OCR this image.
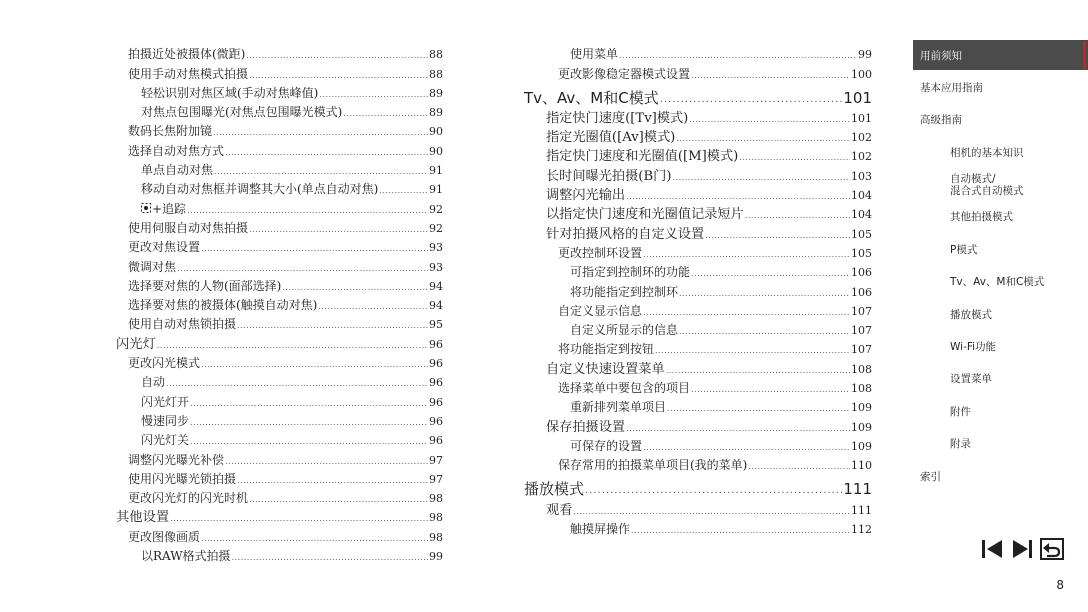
拍摄近处被摄体(微距) .....	88
使用手动对焦模式拍摄 .....	88
轻松识别对焦区域(手动对焦峰值) .....	89
对焦点包围曝光(对焦点包围曝光模式) .....	89
数码长焦附加镜 .....	90
选择自动对焦方式 .....	90
单点自动对焦 .....	91
移动自动对焦框并调整其大小(单点自动对焦) .....	91
+追踪 .....	92
使用伺服自动对焦拍摄 .....	92
更改对焦设置 .....	93
微调对焦 .....	93
选择要对焦的人物(面部选择) .....	94
选择要对焦的被摄体(触摸自动对焦) .....	94
使用自动对焦锁拍摄 .....	95
闪光灯 .....	96
更改闪光模式 .....	96
自动 .....	96
闪光灯开 .....	96
慢速同步 .....	96
闪光灯关 .....	96
调整闪光曝光补偿 .....	97
使用闪光曝光锁拍摄 .....	97
更改闪光灯的闪光时机 .....	98
其他设置 .....	98
更改图像画质 .....	98
以RAW格式拍摄 .....	99
使用菜单 .....	99
更改影像稳定器模式设置 .....	100
Tv、Av、M和C模式 .....	101
指定快门速度([Tv]模式) .....	101
指定光圈值([Av]模式) .....	102
指定快门速度和光圈值([M]模式) .....	102
长时间曝光拍摄(B门) .....	103
调整闪光输出 .....	104
以指定快门速度和光圈值记录短片 .....	104
针对拍摄风格的自定义设置 .....	105
更改控制环设置 .....	105
可指定到控制环的功能 .....	106
将功能指定到控制环 .....	106
自定义显示信息 .....	107
自定义所显示的信息 .....	107
将功能指定到按钮 .....	107
自定义快速设置菜单 .....	108
选择菜单中要包含的项目 .....	108
重新排列菜单项目 .....	109
保存拍摄设置 .....	109
可保存的设置 .....	109
保存常用的拍摄菜单项目(我的菜单) .....	110
播放模式 .....	111
观看 .....	111
触摸屏操作 .....	112
用前须知
基本应用指南
高级指南
相机的基本知识
自动模式/
混合式自动模式
其他拍摄模式
P模式
Tv、Av、M和C模式
播放模式
Wi-Fi功能
设置菜单
附件
附录
索引
8
